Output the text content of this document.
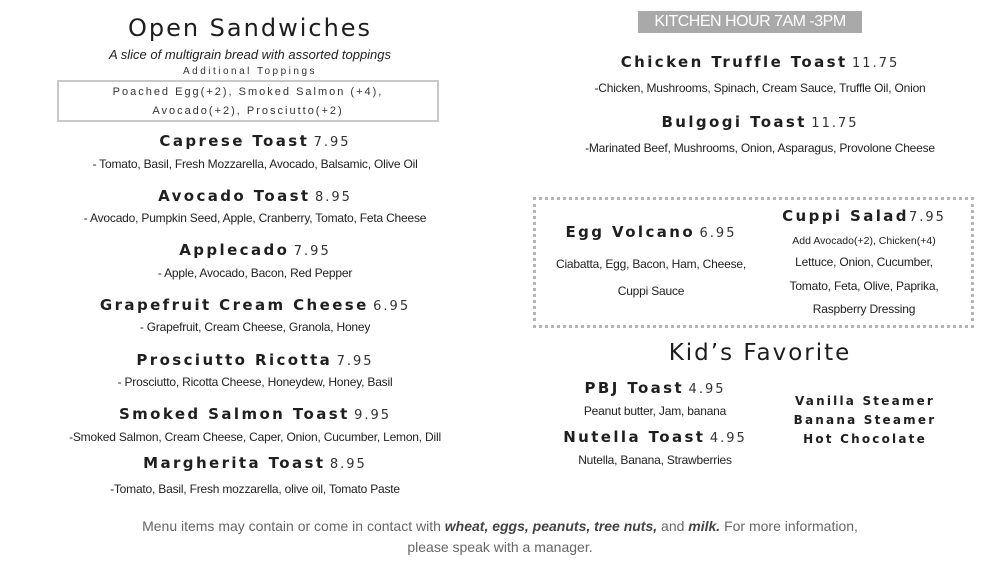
Open Sandwiches
A slice of multigrain bread with assorted toppings
Additional Toppings
Poached Egg(+2), Smoked Salmon (+4),
Avocado(+2), Prosciutto(+2)
Caprese Toast 7.95
- Tomato, Basil, Fresh Mozzarella, Avocado, Balsamic, Olive Oil
Avocado Toast 8.95
- Avocado, Pumpkin Seed, Apple, Cranberry, Tomato, Feta Cheese
Applecado 7.95
- Apple, Avocado, Bacon, Red Pepper
Grapefruit Cream Cheese 6.95
- Grapefruit, Cream Cheese, Granola, Honey
Prosciutto Ricotta 7.95
- Prosciutto, Ricotta Cheese, Honeydew, Honey, Basil
Smoked Salmon Toast 9.95
-Smoked Salmon, Cream Cheese, Caper, Onion, Cucumber, Lemon, Dill
Margherita Toast 8.95
-Tomato, Basil, Fresh mozzarella, olive oil, Tomato Paste
KITCHEN HOUR 7AM -3PM
Chicken Truffle Toast 11.75
-Chicken, Mushrooms, Spinach, Cream Sauce, Truffle Oil, Onion
Bulgogi Toast 11.75
-Marinated Beef, Mushrooms, Onion, Asparagus, Provolone Cheese
Egg Volcano 6.95
Ciabatta, Egg, Bacon, Ham, Cheese,
Cuppi Sauce
Cuppi Salad7.95
Add Avocado(+2), Chicken(+4)
Lettuce, Onion, Cucumber,
Tomato, Feta, Olive, Paprika,
Raspberry Dressing
Kid’s Favorite
PBJ Toast 4.95
Peanut butter, Jam, banana
Nutella Toast 4.95
Nutella, Banana, Strawberries
Vanilla Steamer
Banana Steamer
Hot Chocolate
Menu items may contain or come in contact with wheat, eggs, peanuts, tree nuts, and milk. For more information, please speak with a manager.
